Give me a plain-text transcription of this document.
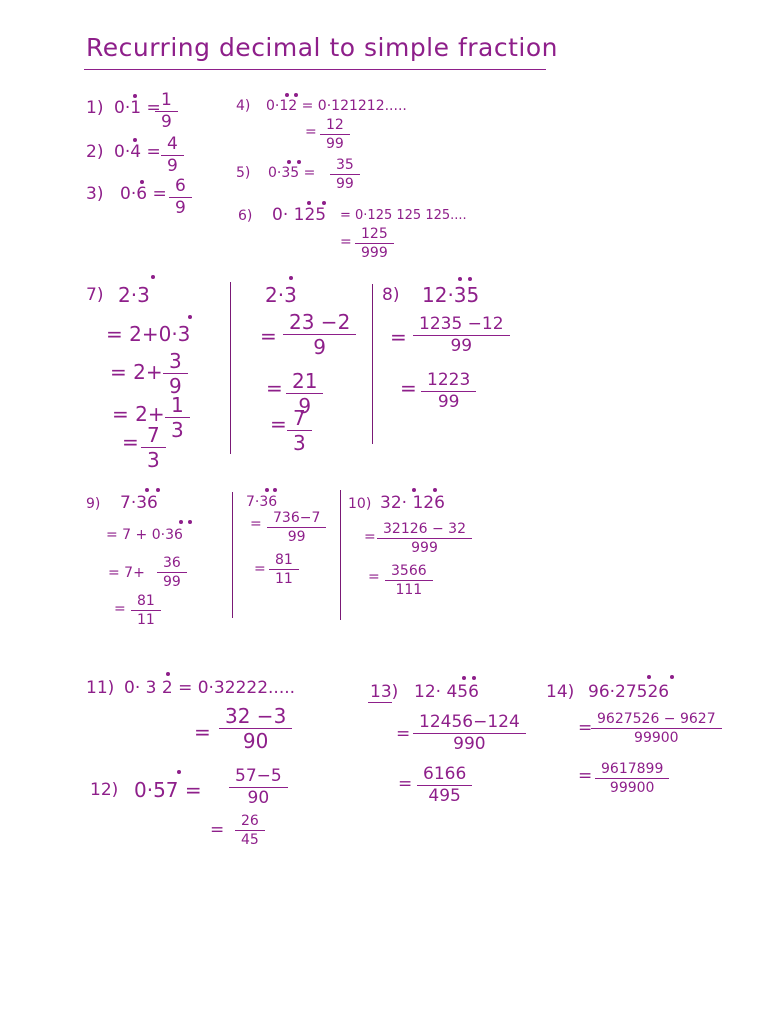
Recurring decimal to simple fraction
1) 0·1 =
$\frac{1}{9}$
2) $0\cdot 4 = \frac{4}{9}$
3) $0\cdot 6 = \frac{6}{9}$
4) 0·12 = 0·121212.....
= $\frac{12}{99}$
5) $0\cdot 35 = \frac{35}{99}$
6) 0· 125 = 0·125 125 125....
= $\frac{125}{999}$
7) 2·3
= 2+0·3
= $2+ \frac{3}{9}$
= $2+ \frac{1}{3}$
= $\frac{7}{3}$
2·3
= $\frac{23 -2}{9}$
= $\frac{21}{9}$
= $\frac{7}{3}$
8) 12·35
= $\frac{1235 -12}{99}$
= $\frac{1223}{99}$
9) 7·36
= 7 + 0·36
= $7+ \frac{36}{99}$
= $\frac{81}{11}$
7·36
= $\frac{736-7}{99}$
= $\frac{81}{11}$
10) 32· 126
= $\frac{32126 - 32}{999}$
= $\frac{3566}{111}$
11) 0· 3 2 = 0·32222.....
= $\frac{32 -3}{90}$
12) $0\cdot 57 = \frac{57-5}{90}$
= $\frac{26}{45}$
13) 12· 456
= $\frac{12456-124}{990}$
= $\frac{6166}{495}$
14) 96·27526
= $\frac{9627526 - 9627}{99900}$
= $\frac{9617899}{99900}$
